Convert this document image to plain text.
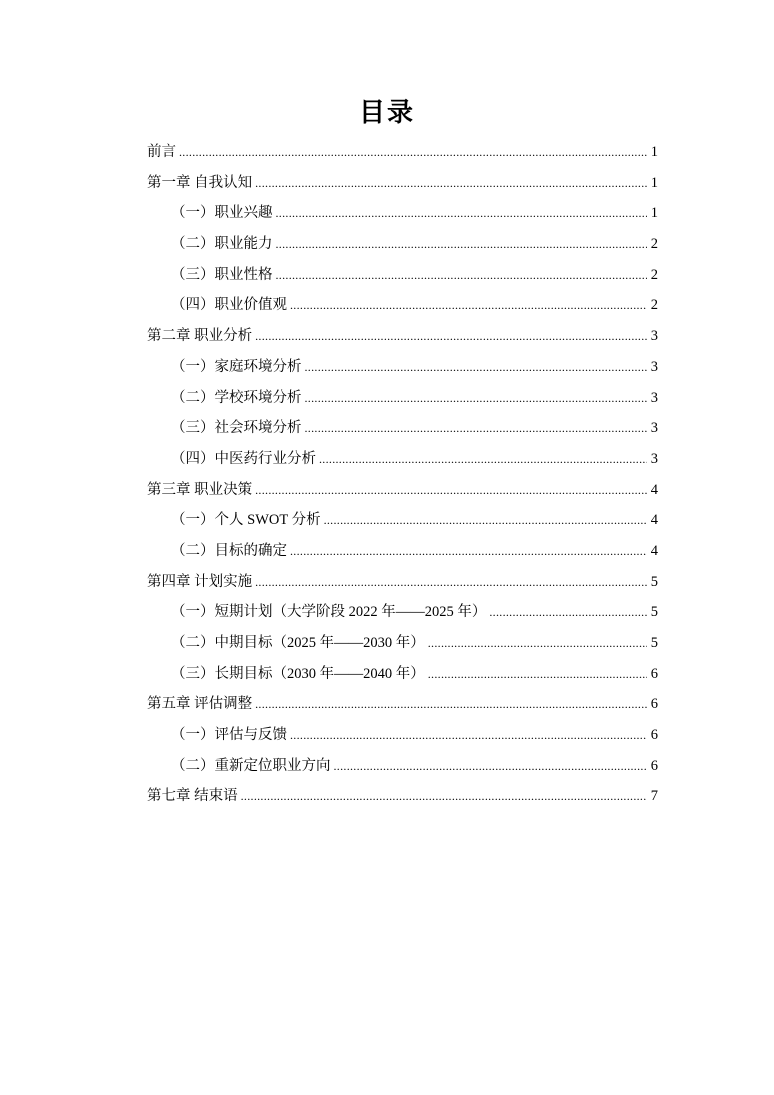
目录
前言 .....	1
第一章 自我认知 .....	1
（一）职业兴趣 .....	1
（二）职业能力 .....	2
（三）职业性格 .....	2
（四）职业价值观 .....	2
第二章 职业分析 .....	3
（一）家庭环境分析 .....	3
（二）学校环境分析 .....	3
（三）社会环境分析 .....	3
（四）中医药行业分析 .....	3
第三章 职业决策 .....	4
（一）个人 SWOT 分析 .....	4
（二）目标的确定 .....	4
第四章 计划实施 .....	5
（一）短期计划（大学阶段 2022 年——2025 年） .....	5
（二）中期目标（2025 年——2030 年） .....	5
（三）长期目标（2030 年——2040 年） .....	6
第五章 评估调整 .....	6
（一）评估与反馈 .....	6
（二）重新定位职业方向 .....	6
第七章 结束语 .....	7
